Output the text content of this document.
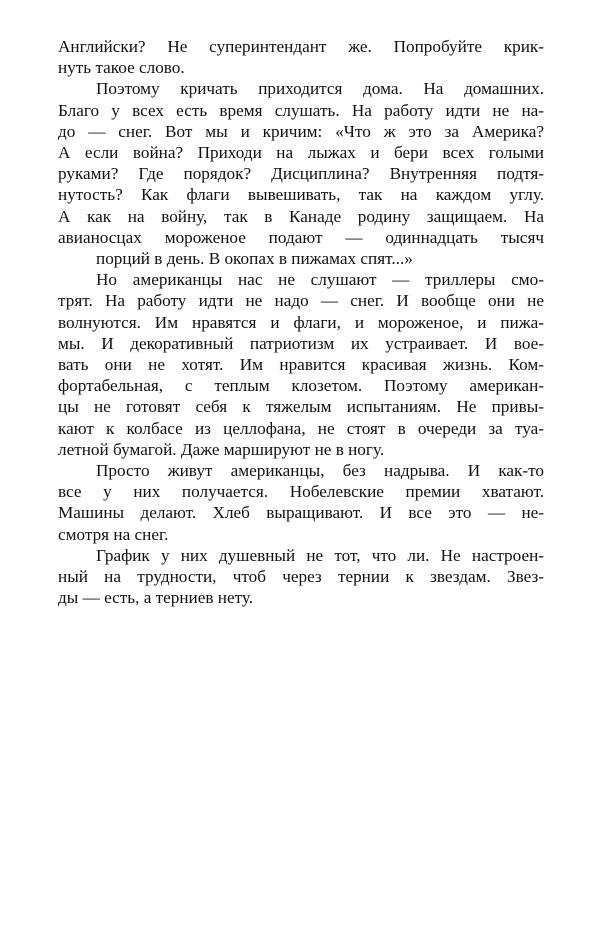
Английски? Не суперинтендант же. Попробуйте крик-
нуть такое слово.

Поэтому кричать приходится дома. На домашних.
Благо у всех есть время слушать. На работу идти не на-
до — снег. Вот мы и кричим: «Что ж это за Америка?
А если война? Приходи на лыжах и бери всех голыми
руками? Где порядок? Дисциплина? Внутренняя подтя-
нутость? Как флаги вывешивать, так на каждом углу.
А как на войну, так в Канаде родину защищаем. На
авианосцах мороженое подают — одиннадцать тысяч
порций в день. В окопах в пижамах спят...»

Но американцы нас не слушают — триллеры смо-
трят. На работу идти не надо — снег. И вообще они не
волнуются. Им нравятся и флаги, и мороженое, и пижа-
мы. И декоративный патриотизм их устраивает. И вое-
вать они не хотят. Им нравится красивая жизнь. Ком-
фортабельная, с теплым клозетом. Поэтому американ-
цы не готовят себя к тяжелым испытаниям. Не привы-
кают к колбасе из целлофана, не стоят в очереди за туа-
летной бумагой. Даже маршируют не в ногу.

Просто живут американцы, без надрыва. И как-то
все у них получается. Нобелевские премии хватают.
Машины делают. Хлеб выращивают. И все это — не-
смотря на снег.

График у них душевный не тот, что ли. Не настроен-
ный на трудности, чтоб через тернии к звездам. Звез-
ды — есть, а терниев нету.
